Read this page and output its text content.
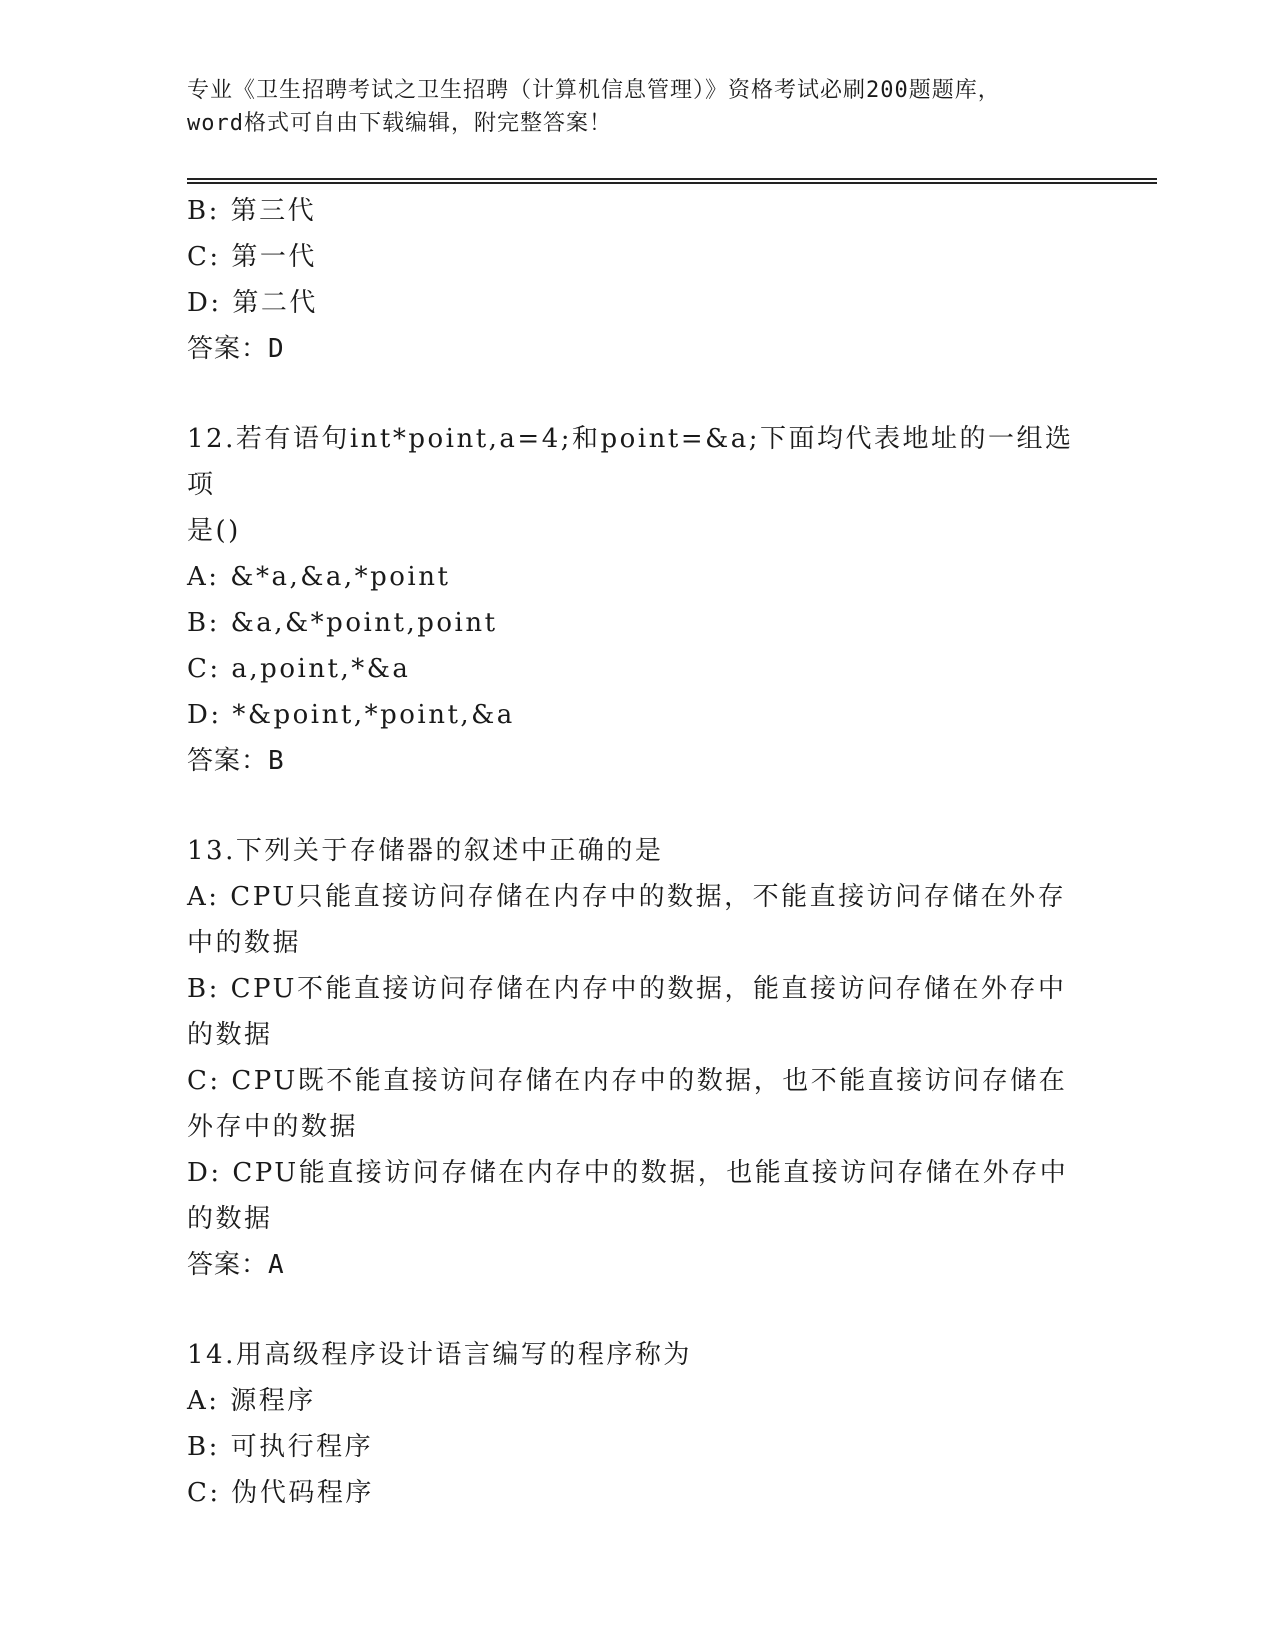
专业《卫生招聘考试之卫生招聘（计算机信息管理）》资格考试必刷200题题库，
word格式可自由下载编辑，附完整答案！
B: 第三代
C: 第一代
D: 第二代
答案：D
12.若有语句int*point,a=4;和point=&a;下面均代表地址的一组选项
是()
A: &*a,&a,*point
B: &a,&*point,point
C: a,point,*&a
D: *&point,*point,&a
答案：B
13.下列关于存储器的叙述中正确的是
A: CPU只能直接访问存储在内存中的数据，不能直接访问存储在外存
中的数据
B: CPU不能直接访问存储在内存中的数据，能直接访问存储在外存中
的数据
C: CPU既不能直接访问存储在内存中的数据，也不能直接访问存储在
外存中的数据
D: CPU能直接访问存储在内存中的数据，也能直接访问存储在外存中
的数据
答案：A
14.用高级程序设计语言编写的程序称为
A: 源程序
B: 可执行程序
C: 伪代码程序
